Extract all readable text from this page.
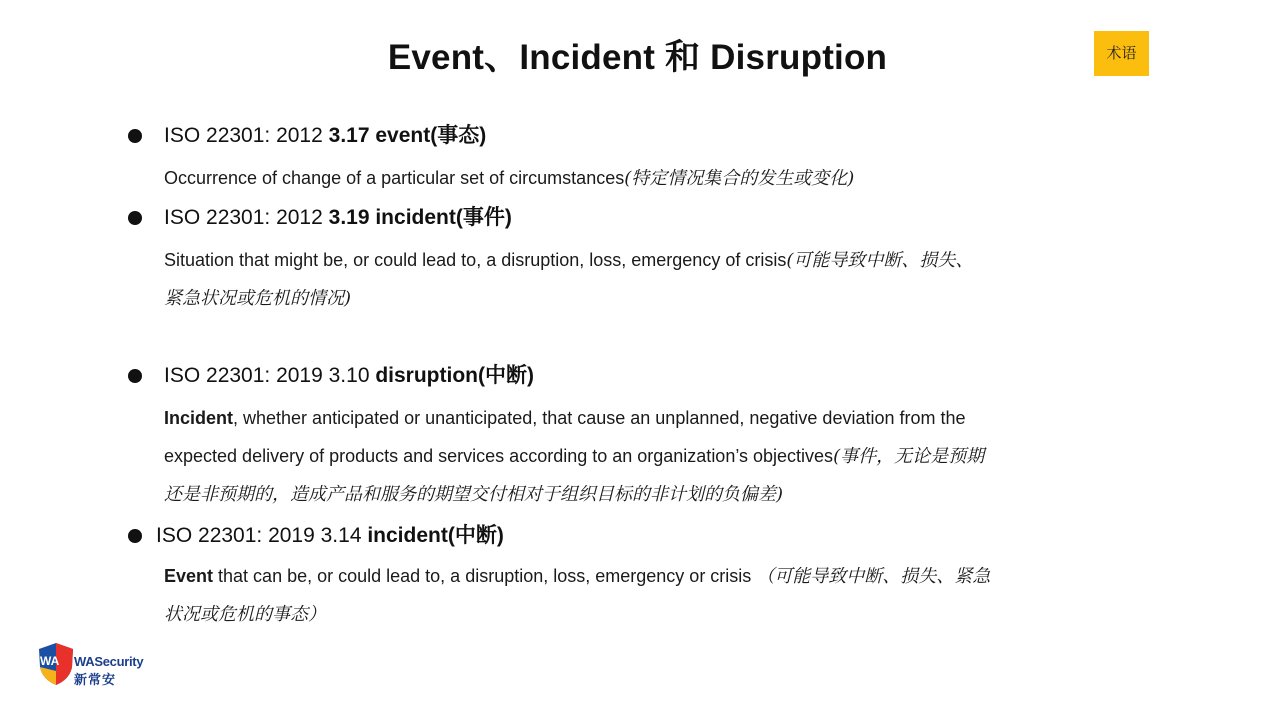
Event、Incident 和 Disruption	术语
ISO 22301: 2012 3.17 event(事态)
Occurrence of change of a particular set of circumstances(特定情况集合的发生或变化)
ISO 22301: 2012 3.19 incident(事件)
Situation that might be, or could lead to, a disruption, loss, emergency of crisis(可能导致中断、损失、
紧急状况或危机的情况)
ISO 22301: 2019 3.10 disruption(中断)
Incident, whether anticipated or unanticipated, that cause an unplanned, negative deviation from the
expected delivery of products and services according to an organization’s objectives(事件，无论是预期
还是非预期的，造成产品和服务的期望交付相对于组织目标的非计划的负偏差)
ISO 22301: 2019 3.14 incident(中断)
Event that can be, or could lead to, a disruption, loss, emergency or crisis （可能导致中断、损失、紧急
状况或危机的事态）
WA WASecurity
新常安
